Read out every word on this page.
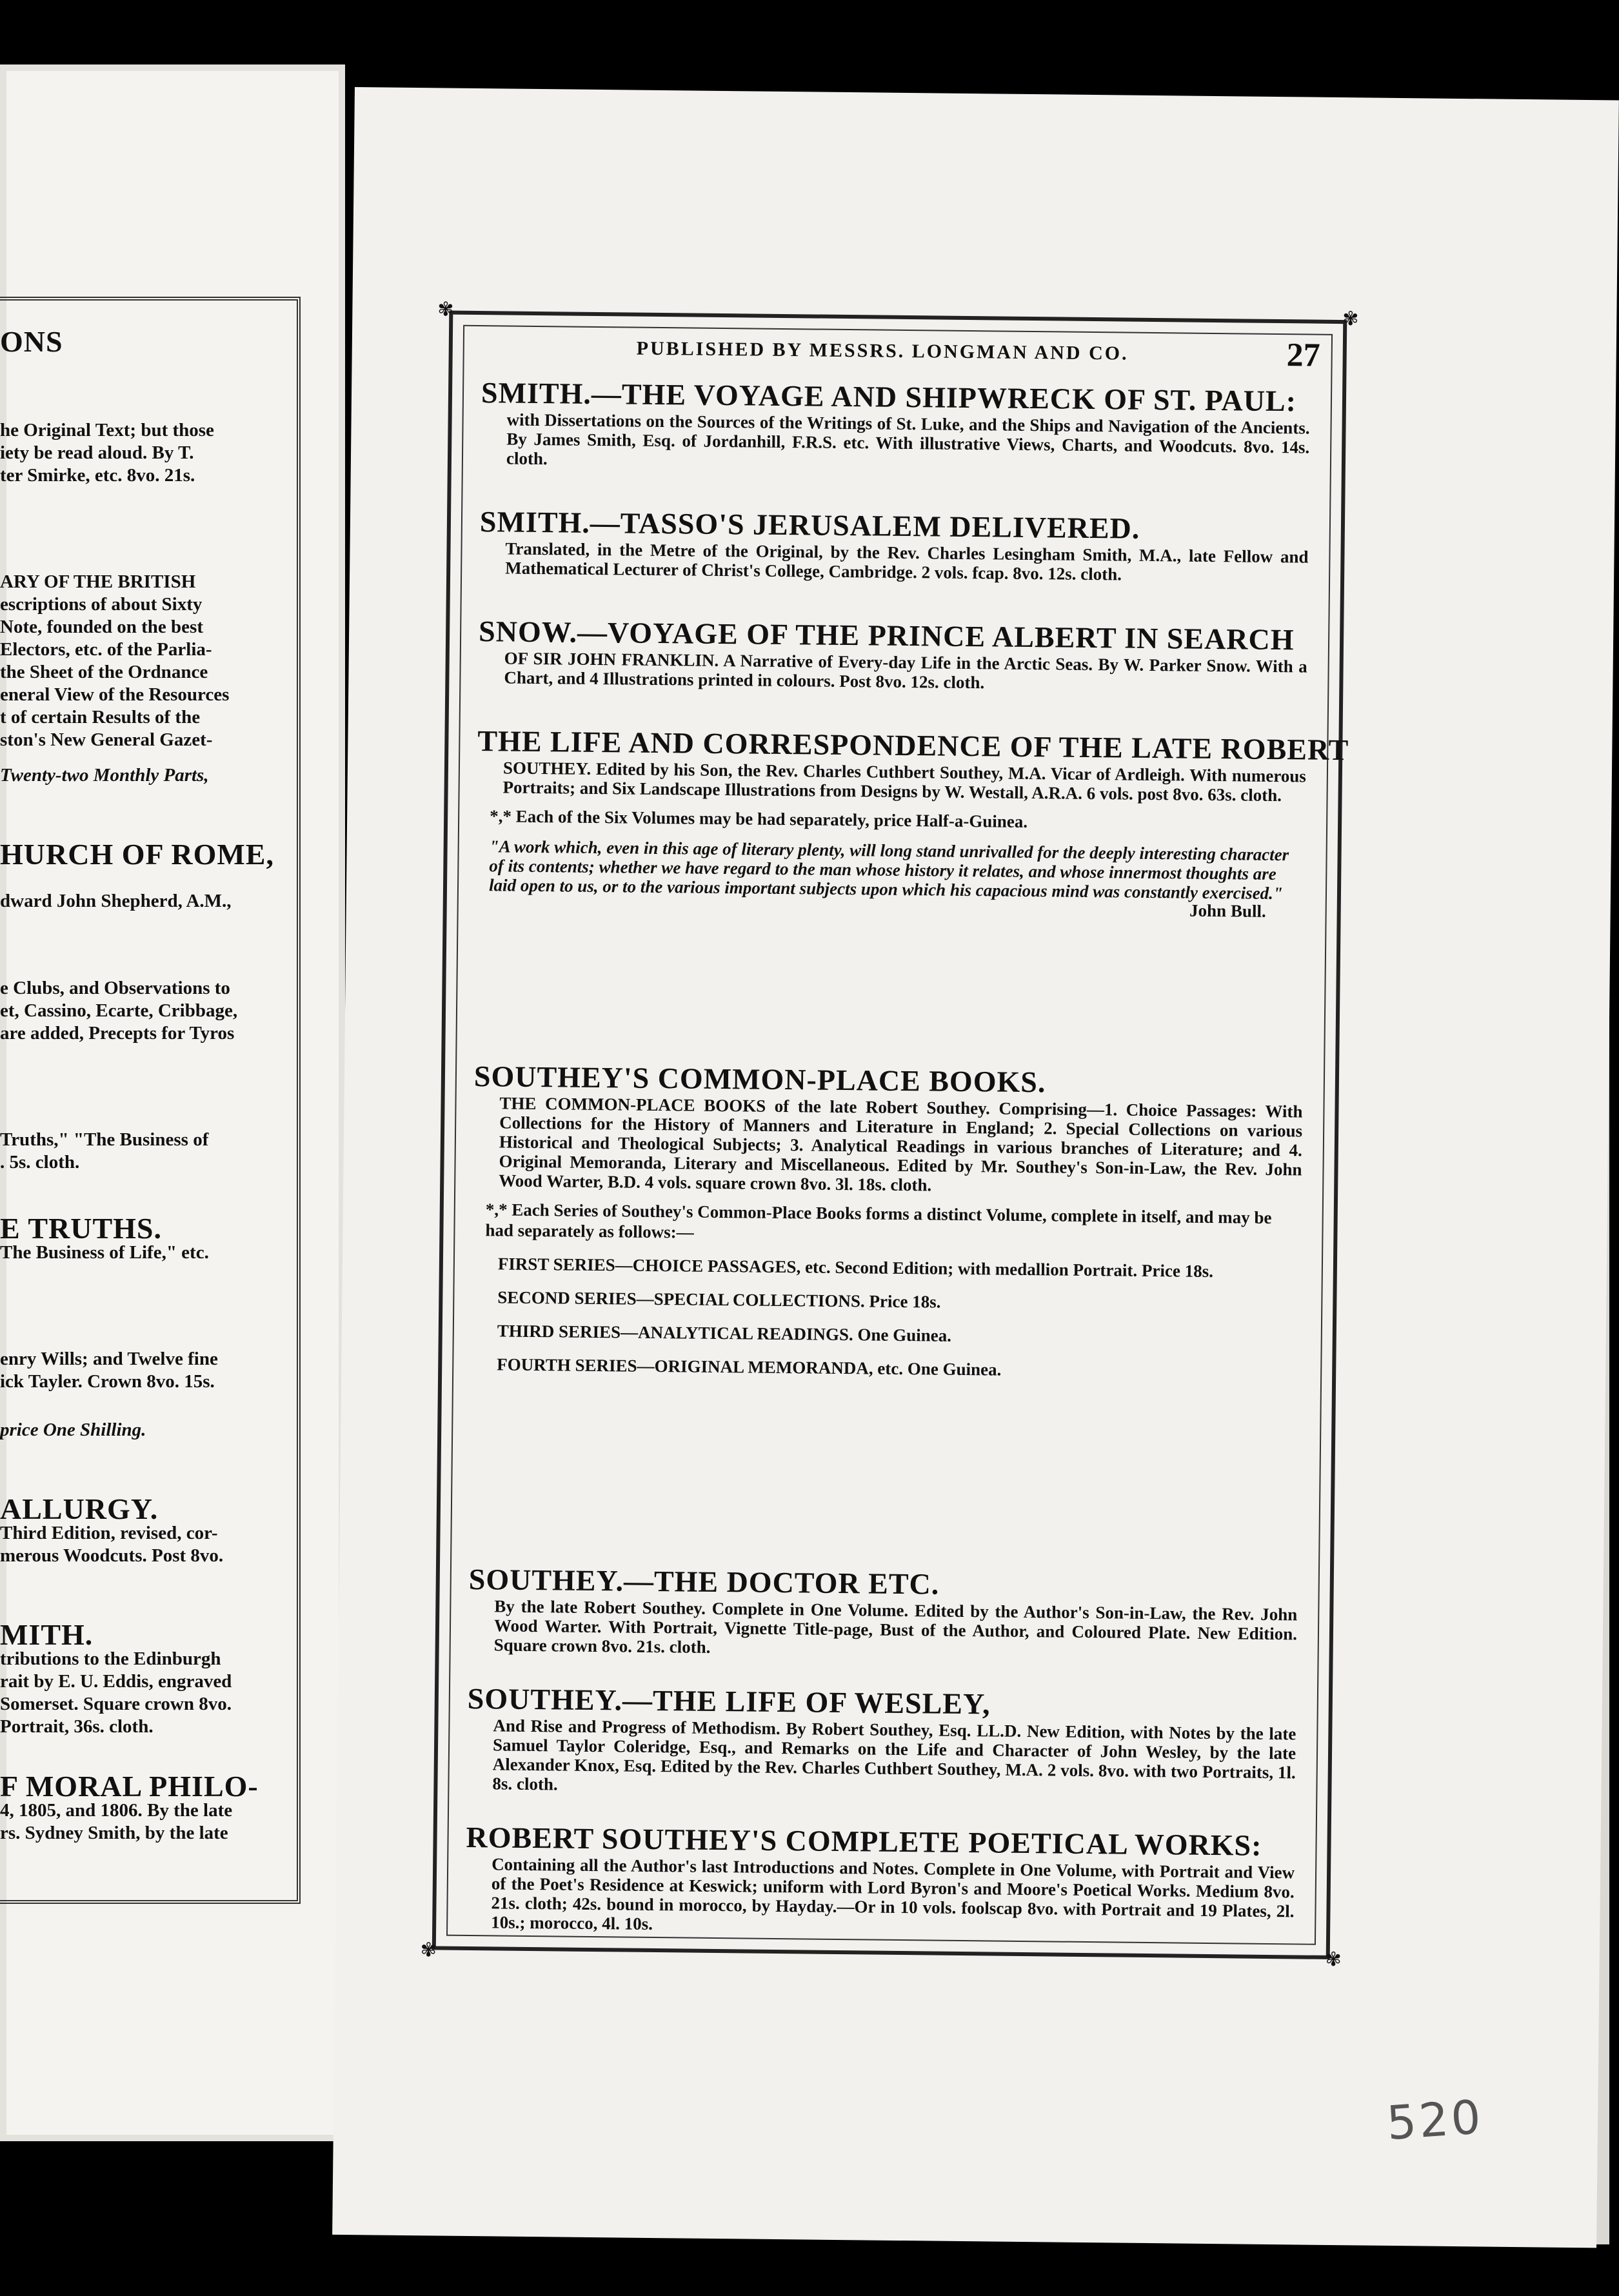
ONS
he Original Text; but those
iety be read aloud. By T.
ter Smirke, etc. 8vo. 21s.
ARY OF THE BRITISH
escriptions of about Sixty
Note, founded on the best
Electors, etc. of the Parlia-
the Sheet of the Ordnance
eneral View of the Resources
t of certain Results of the
ston's New General Gazet-
Twenty-two Monthly Parts,
HURCH OF ROME,
dward John Shepherd, A.M.,
e Clubs, and Observations to
et, Cassino, Ecarte, Cribbage,
are added, Precepts for Tyros
Truths," "The Business of
. 5s. cloth.
E TRUTHS.
The Business of Life," etc.
enry Wills; and Twelve fine
ick Tayler. Crown 8vo. 15s.
price One Shilling.
ALLURGY.
Third Edition, revised, cor-
merous Woodcuts. Post 8vo.
MITH.
tributions to the Edinburgh
rait by E. U. Eddis, engraved
Somerset. Square crown 8vo.
Portrait, 36s. cloth.
F MORAL PHILO-
4, 1805, and 1806. By the late
rs. Sydney Smith, by the late
✾	✾
✾	✾
PUBLISHED BY MESSRS. LONGMAN AND CO.	27
SMITH.—THE VOYAGE AND SHIPWRECK OF ST. PAUL:
with Dissertations on the Sources of the Writings of St. Luke, and the Ships and Navigation of the Ancients. By James Smith, Esq. of Jordanhill, F.R.S. etc. With illustrative Views, Charts, and Woodcuts. 8vo. 14s. cloth.
SMITH.—TASSO'S JERUSALEM DELIVERED.
Translated, in the Metre of the Original, by the Rev. Charles Lesingham Smith, M.A., late Fellow and Mathematical Lecturer of Christ's College, Cambridge. 2 vols. fcap. 8vo. 12s. cloth.
SNOW.—VOYAGE OF THE PRINCE ALBERT IN SEARCH
OF SIR JOHN FRANKLIN. A Narrative of Every-day Life in the Arctic Seas. By W. Parker Snow. With a Chart, and 4 Illustrations printed in colours. Post 8vo. 12s. cloth.
THE LIFE AND CORRESPONDENCE OF THE LATE ROBERT
SOUTHEY. Edited by his Son, the Rev. Charles Cuthbert Southey, M.A. Vicar of Ardleigh. With numerous Portraits; and Six Landscape Illustrations from Designs by W. Westall, A.R.A. 6 vols. post 8vo. 63s. cloth.
*,* Each of the Six Volumes may be had separately, price Half-a-Guinea.
"A work which, even in this age of literary plenty, will long stand unrivalled for the deeply interesting character of its contents; whether we have regard to the man whose history it relates, and whose innermost thoughts are laid open to us, or to the various important subjects upon which his capacious mind was constantly exercised."
John Bull.
SOUTHEY'S COMMON-PLACE BOOKS.
THE COMMON-PLACE BOOKS of the late Robert Southey. Comprising—1. Choice Passages: With Collections for the History of Manners and Literature in England; 2. Special Collections on various Historical and Theological Subjects; 3. Analytical Readings in various branches of Literature; and 4. Original Memoranda, Literary and Miscellaneous. Edited by Mr. Southey's Son-in-Law, the Rev. John Wood Warter, B.D. 4 vols. square crown 8vo. 3l. 18s. cloth.
*,* Each Series of Southey's Common-Place Books forms a distinct Volume, complete in itself, and may be had separately as follows:—
FIRST SERIES—CHOICE PASSAGES, etc. Second Edition; with medallion Portrait. Price 18s.
SECOND SERIES—SPECIAL COLLECTIONS. Price 18s.
THIRD SERIES—ANALYTICAL READINGS. One Guinea.
FOURTH SERIES—ORIGINAL MEMORANDA, etc. One Guinea.
SOUTHEY.—THE DOCTOR ETC.
By the late Robert Southey. Complete in One Volume. Edited by the Author's Son-in-Law, the Rev. John Wood Warter. With Portrait, Vignette Title-page, Bust of the Author, and Coloured Plate. New Edition. Square crown 8vo. 21s. cloth.
SOUTHEY.—THE LIFE OF WESLEY,
And Rise and Progress of Methodism. By Robert Southey, Esq. LL.D. New Edition, with Notes by the late Samuel Taylor Coleridge, Esq., and Remarks on the Life and Character of John Wesley, by the late Alexander Knox, Esq. Edited by the Rev. Charles Cuthbert Southey, M.A. 2 vols. 8vo. with two Portraits, 1l. 8s. cloth.
ROBERT SOUTHEY'S COMPLETE POETICAL WORKS:
Containing all the Author's last Introductions and Notes. Complete in One Volume, with Portrait and View of the Poet's Residence at Keswick; uniform with Lord Byron's and Moore's Poetical Works. Medium 8vo. 21s. cloth; 42s. bound in morocco, by Hayday.—Or in 10 vols. foolscap 8vo. with Portrait and 19 Plates, 2l. 10s.; morocco, 4l. 10s.
520
